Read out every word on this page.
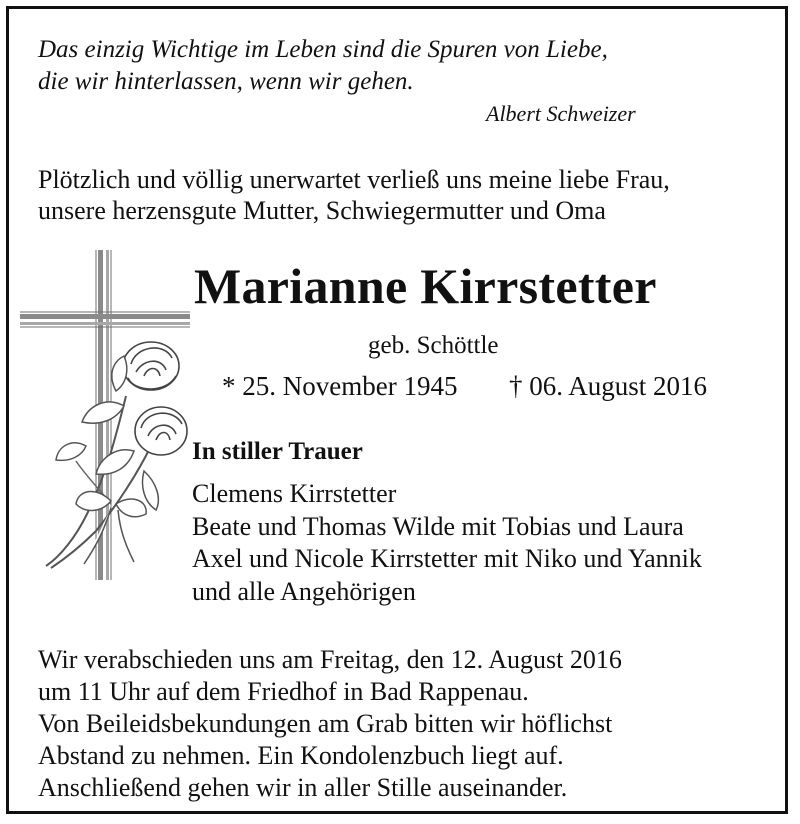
Das einzig Wichtige im Leben sind die Spuren von Liebe,
die wir hinterlassen, wenn wir gehen.
Albert Schweizer
Plötzlich und völlig unerwartet verließ uns meine liebe Frau,
unsere herzensgute Mutter, Schwiegermutter und Oma
Marianne Kirrstetter
geb. Schöttle
* 25. November 1945 † 06. August 2016
In stiller Trauer
Clemens Kirrstetter
Beate und Thomas Wilde mit Tobias und Laura
Axel und Nicole Kirrstetter mit Niko und Yannik
und alle Angehörigen
Wir verabschieden uns am Freitag, den 12. August 2016
um 11 Uhr auf dem Friedhof in Bad Rappenau.
Von Beileidsbekundungen am Grab bitten wir höflichst
Abstand zu nehmen. Ein Kondolenzbuch liegt auf.
Anschließend gehen wir in aller Stille auseinander.
